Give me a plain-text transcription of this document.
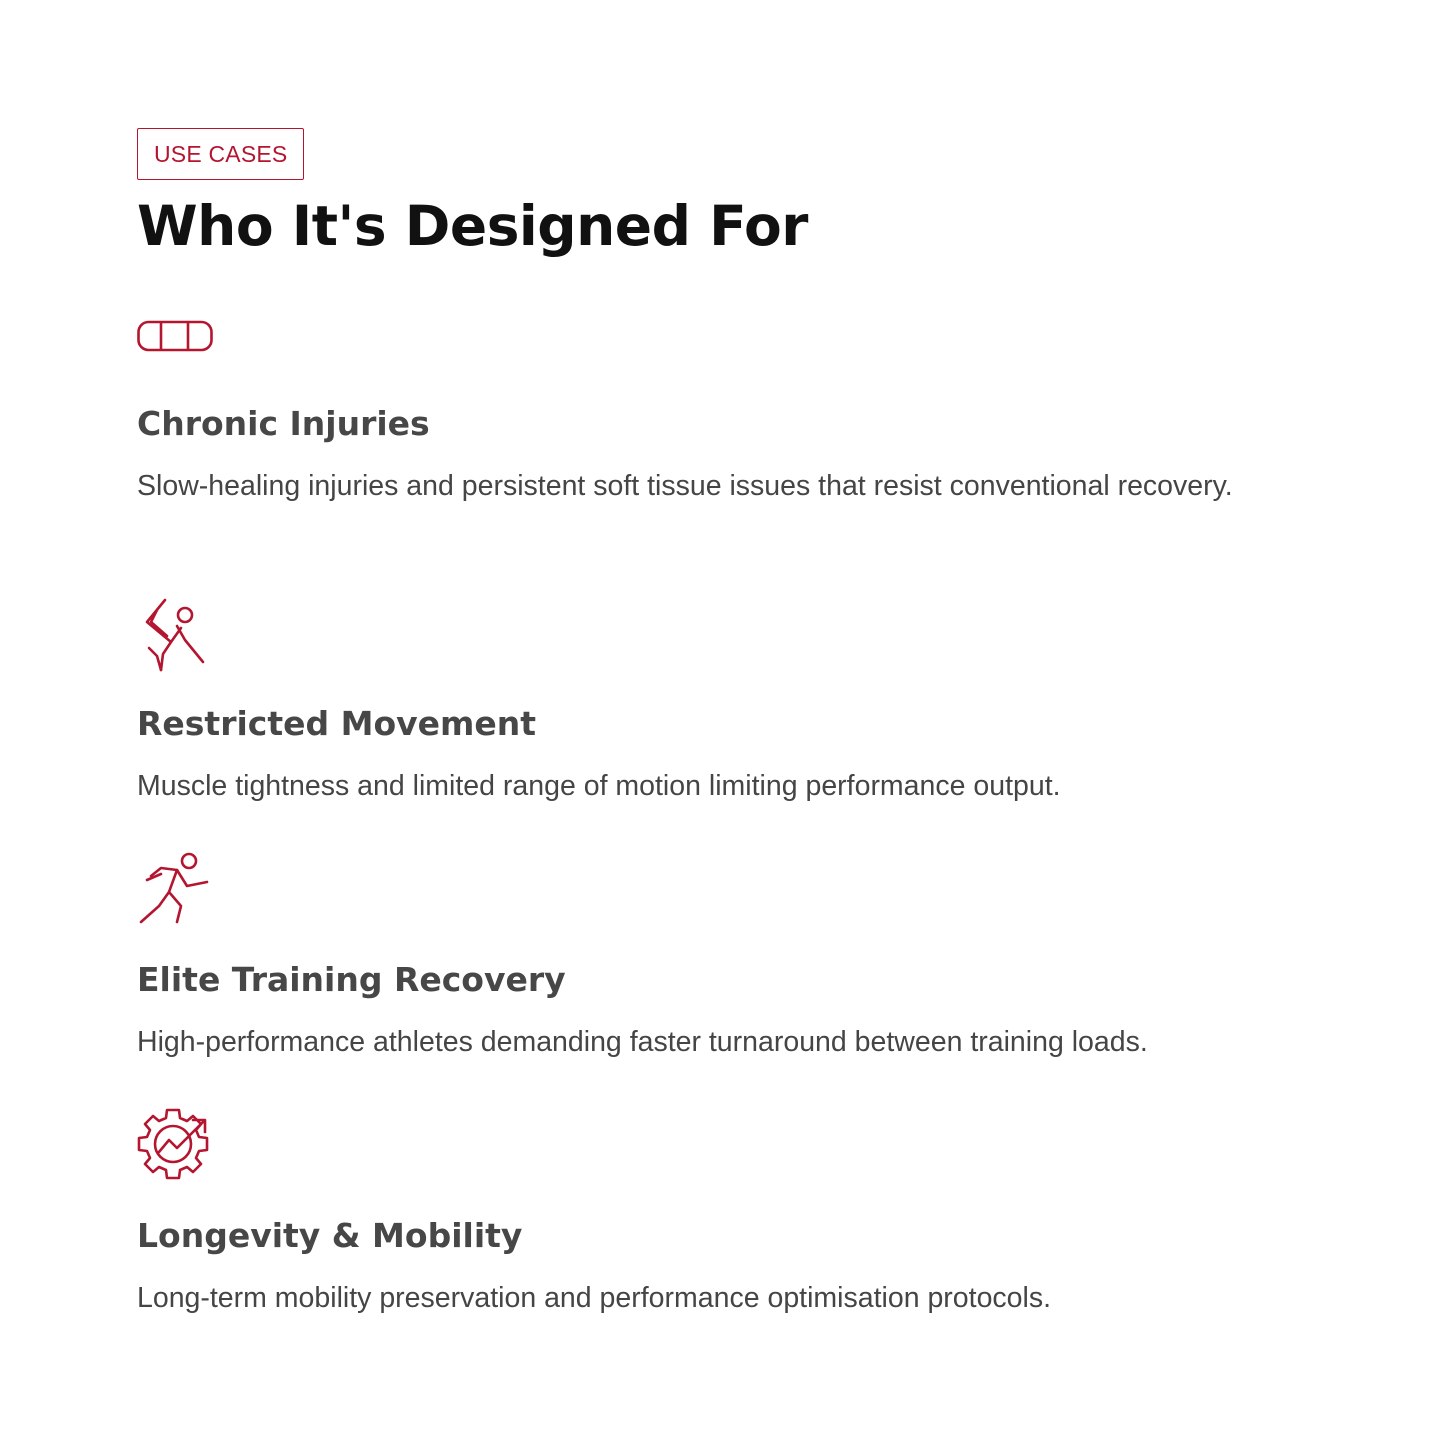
USE CASES
Who It's Designed For
Chronic Injuries

Slow-healing injuries and persistent soft tissue issues that resist conventional recovery.

Restricted Movement

Muscle tightness and limited range of motion limiting performance output.

Elite Training Recovery

High-performance athletes demanding faster turnaround between training loads.

Longevity & Mobility

Long-term mobility preservation and performance optimisation protocols.
